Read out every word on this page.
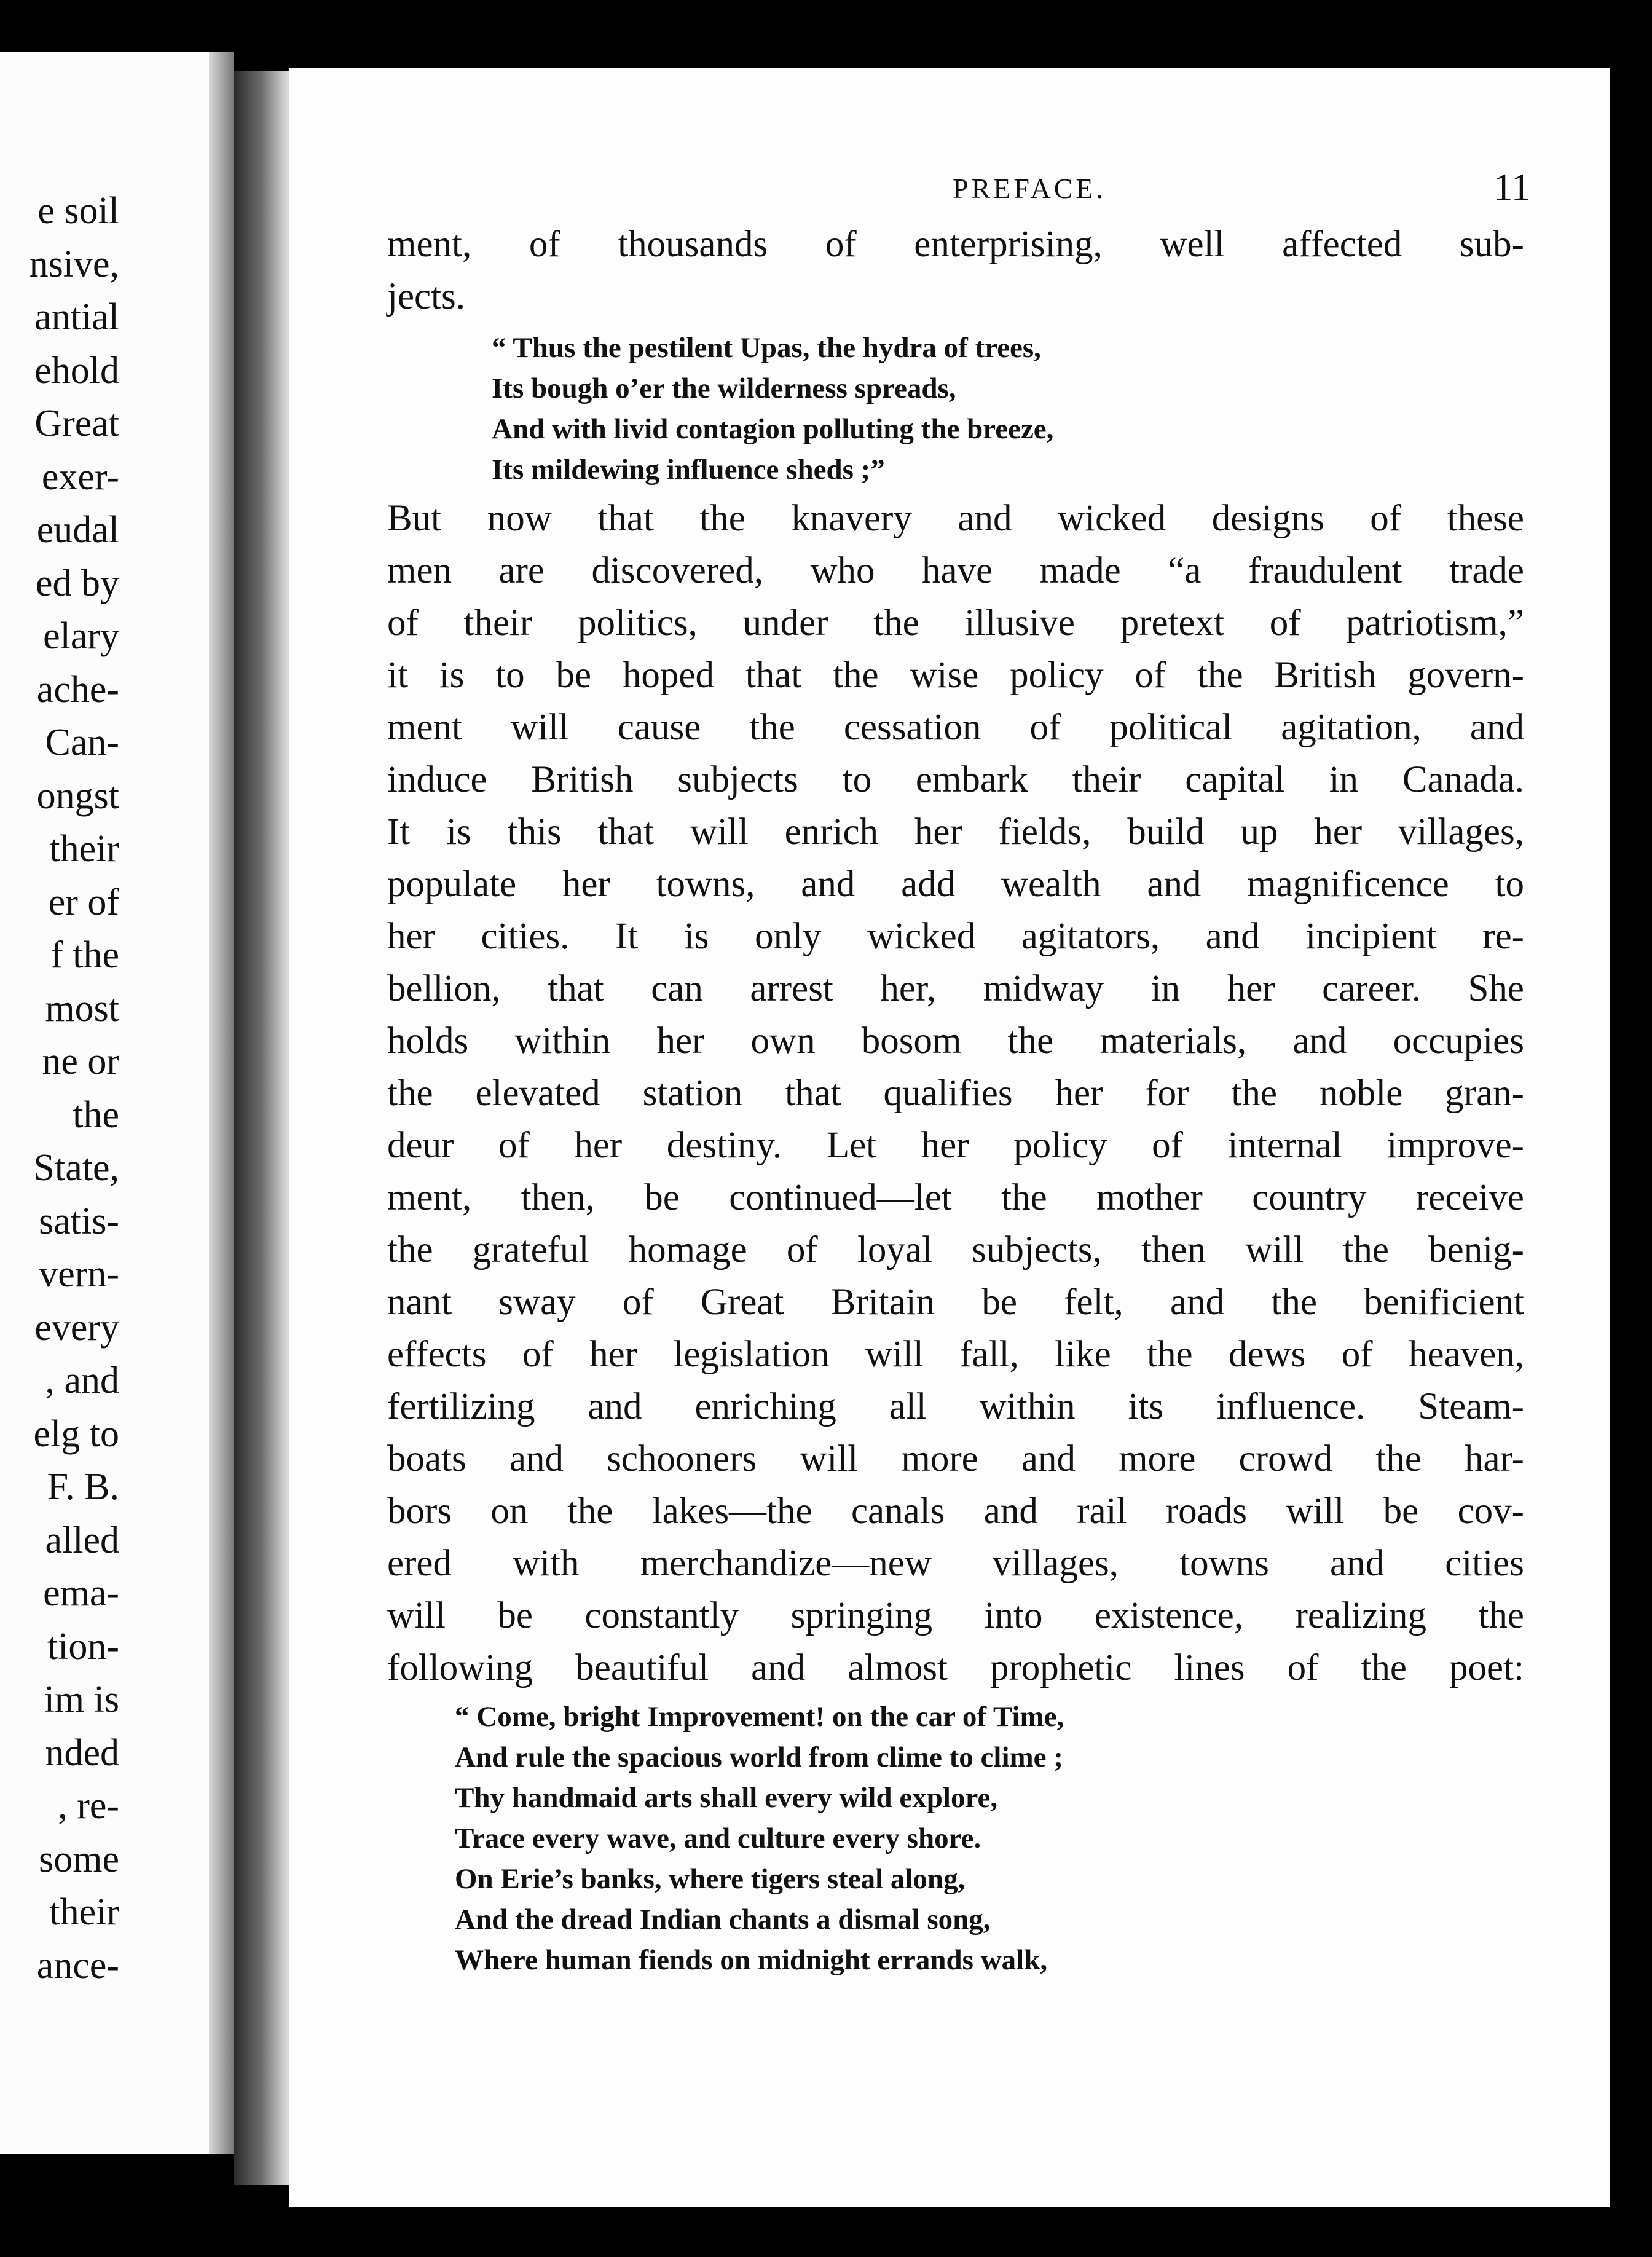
e soil
nsive,
antial
ehold
Great
exer-
eudal
ed by
elary
ache-
Can-
ongst
their
er of
f the
most
ne or
the
State,
satis-
vern-
every
, and
elg to
F. B.
alled
ema-
tion-
im is
nded
, re-
some
their
ance-
PREFACE.	11
ment, of thousands of enterprising, well affected sub-
jects.
“ Thus the pestilent Upas, the hydra of trees,
Its bough o’er the wilderness spreads,
And with livid contagion polluting the breeze,
Its mildewing influence sheds ;”
But now that the knavery and wicked designs of these
men are discovered, who have made “a fraudulent trade
of their politics, under the illusive pretext of patriotism,”
it is to be hoped that the wise policy of the British govern-
ment will cause the cessation of political agitation, and
induce British subjects to embark their capital in Canada.
It is this that will enrich her fields, build up her villages,
populate her towns, and add wealth and magnificence to
her cities. It is only wicked agitators, and incipient re-
bellion, that can arrest her, midway in her career. She
holds within her own bosom the materials, and occupies
the elevated station that qualifies her for the noble gran-
deur of her destiny. Let her policy of internal improve-
ment, then, be continued—let the mother country receive
the grateful homage of loyal subjects, then will the benig-
nant sway of Great Britain be felt, and the benificient
effects of her legislation will fall, like the dews of heaven,
fertilizing and enriching all within its influence. Steam-
boats and schooners will more and more crowd the har-
bors on the lakes—the canals and rail roads will be cov-
ered with merchandize—new villages, towns and cities
will be constantly springing into existence, realizing the
following beautiful and almost prophetic lines of the poet:
“ Come, bright Improvement! on the car of Time,
And rule the spacious world from clime to clime ;
Thy handmaid arts shall every wild explore,
Trace every wave, and culture every shore.
On Erie’s banks, where tigers steal along,
And the dread Indian chants a dismal song,
Where human fiends on midnight errands walk,
